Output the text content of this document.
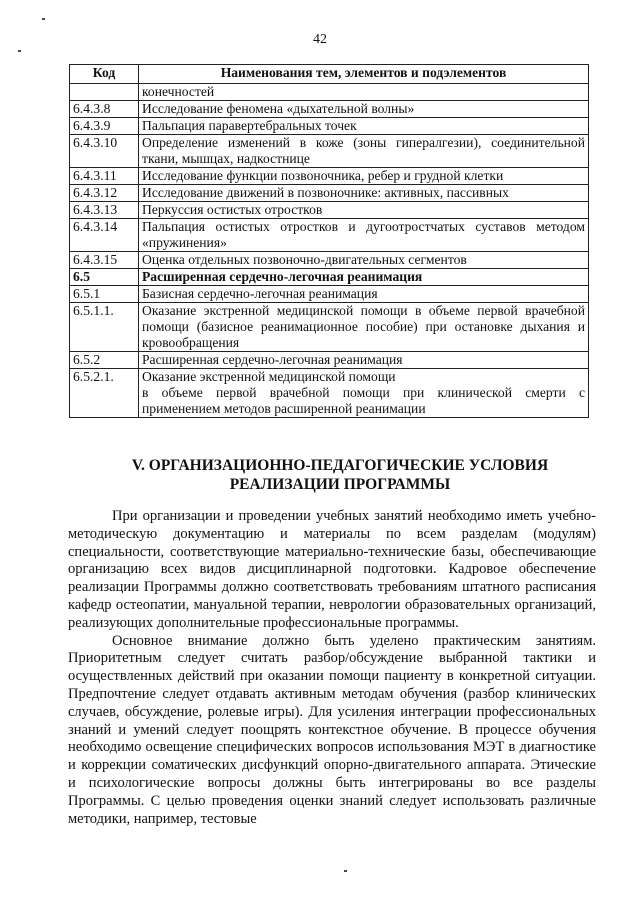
42
Код	Наименования тем, элементов и подэлементов
	конечностей
6.4.3.8	Исследование феномена «дыхательной волны»
6.4.3.9	Пальпация паравертебральных точек
6.4.3.10	Определение изменений в коже (зоны гипералгезии), соединительной ткани, мышцах, надкостнице
6.4.3.11	Исследование функции позвоночника, ребер и грудной клетки
6.4.3.12	Исследование движений в позвоночнике: активных, пассивных
6.4.3.13	Перкуссия остистых отростков
6.4.3.14	Пальпация остистых отростков и дугоотростчатых суставов методом «пружинения»
6.4.3.15	Оценка отдельных позвоночно-двигательных сегментов
6.5	Расширенная сердечно-легочная реанимация
6.5.1	Базисная сердечно-легочная реанимация
6.5.1.1.	Оказание экстренной медицинской помощи в объеме первой врачебной помощи (базисное реанимационное пособие) при остановке дыхания и кровообращения
6.5.2	Расширенная сердечно-легочная реанимация
6.5.2.1.	Оказание экстренной медицинской помощи
в объеме первой врачебной помощи при клинической смерти с применением методов расширенной реанимации
V. ОРГАНИЗАЦИОННО-ПЕДАГОГИЧЕСКИЕ УСЛОВИЯ
РЕАЛИЗАЦИИ ПРОГРАММЫ

При организации и проведении учебных занятий необходимо иметь учебно-методическую документацию и материалы по всем разделам (модулям) специальности, соответствующие материально-технические базы, обеспечивающие организацию всех видов дисциплинарной подготовки. Кадровое обеспечение реализации Программы должно соответствовать требованиям штатного расписания кафедр остеопатии, мануальной терапии, неврологии образовательных организаций, реализующих дополнительные профессиональные программы.

Основное внимание должно быть уделено практическим занятиям. Приоритетным следует считать разбор/обсуждение выбранной тактики и осуществленных действий при оказании помощи пациенту в конкретной ситуации. Предпочтение следует отдавать активным методам обучения (разбор клинических случаев, обсуждение, ролевые игры). Для усиления интеграции профессиональных знаний и умений следует поощрять контекстное обучение. В процессе обучения необходимо освещение специфических вопросов использования МЭТ в диагностике и коррекции соматических дисфункций опорно-двигательного аппарата. Этические и психологические вопросы должны быть интегрированы во все разделы Программы. С целью проведения оценки знаний следует использовать различные методики, например, тестовые
